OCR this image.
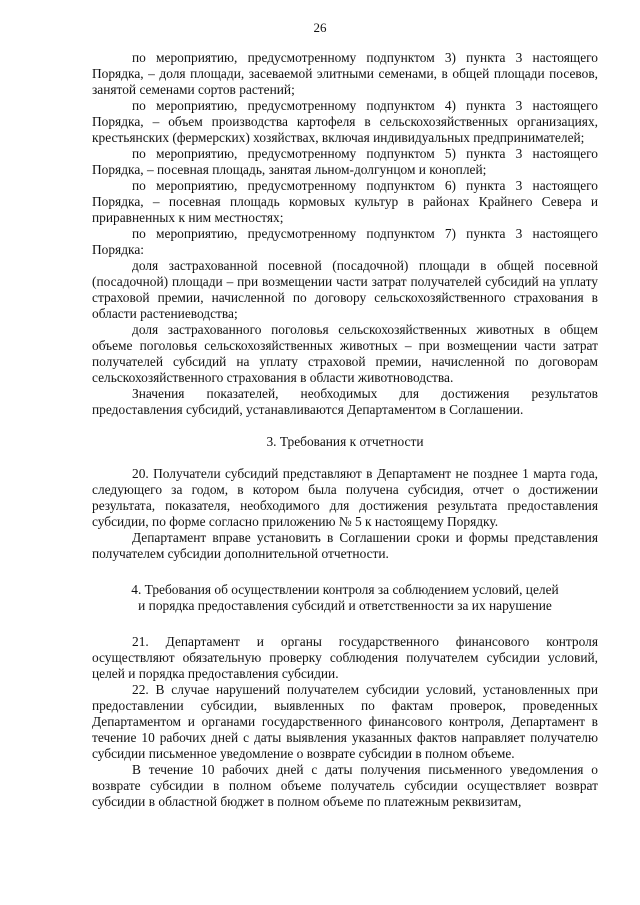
26

по мероприятию, предусмотренному подпунктом 3) пункта 3 настоящего Порядка, – доля площади, засеваемой элитными семенами, в общей площади посевов, занятой семенами сортов растений;

по мероприятию, предусмотренному подпунктом 4) пункта 3 настоящего Порядка, – объем производства картофеля в сельскохозяйственных организациях, крестьянских (фермерских) хозяйствах, включая индивидуальных предпринимателей;

по мероприятию, предусмотренному подпунктом 5) пункта 3 настоящего Порядка, – посевная площадь, занятая льном-долгунцом и коноплей;

по мероприятию, предусмотренному подпунктом 6) пункта 3 настоящего Порядка, – посевная площадь кормовых культур в районах Крайнего Севера и приравненных к ним местностях;

по мероприятию, предусмотренному подпунктом 7) пункта 3 настоящего Порядка:

доля застрахованной посевной (посадочной) площади в общей посевной (посадочной) площади – при возмещении части затрат получателей субсидий на уплату страховой премии, начисленной по договору сельскохозяйственного страхования в области растениеводства;

доля застрахованного поголовья сельскохозяйственных животных в общем объеме поголовья сельскохозяйственных животных – при возмещении части затрат получателей субсидий на уплату страховой премии, начисленной по договорам сельскохозяйственного страхования в области животноводства.

Значения показателей, необходимых для достижения результатов предоставления субсидий, устанавливаются Департаментом в Соглашении.

3. Требования к отчетности

20. Получатели субсидий представляют в Департамент не позднее 1 марта года, следующего за годом, в котором была получена субсидия, отчет о достижении результата, показателя, необходимого для достижения результата предоставления субсидии, по форме согласно приложению № 5 к настоящему Порядку.

Департамент вправе установить в Соглашении сроки и формы представления получателем субсидии дополнительной отчетности.

4. Требования об осуществлении контроля за соблюдением условий, целей

и порядка предоставления субсидий и ответственности за их нарушение

21. Департамент и органы государственного финансового контроля осуществляют обязательную проверку соблюдения получателем субсидии условий, целей и порядка предоставления субсидии.

22. В случае нарушений получателем субсидии условий, установленных при предоставлении субсидии, выявленных по фактам проверок, проведенных Департаментом и органами государственного финансового контроля, Департамент в течение 10 рабочих дней с даты выявления указанных фактов направляет получателю субсидии письменное уведомление о возврате субсидии в полном объеме.

В течение 10 рабочих дней с даты получения письменного уведомления о возврате субсидии в полном объеме получатель субсидии осуществляет возврат субсидии в областной бюджет в полном объеме по платежным реквизитам,
